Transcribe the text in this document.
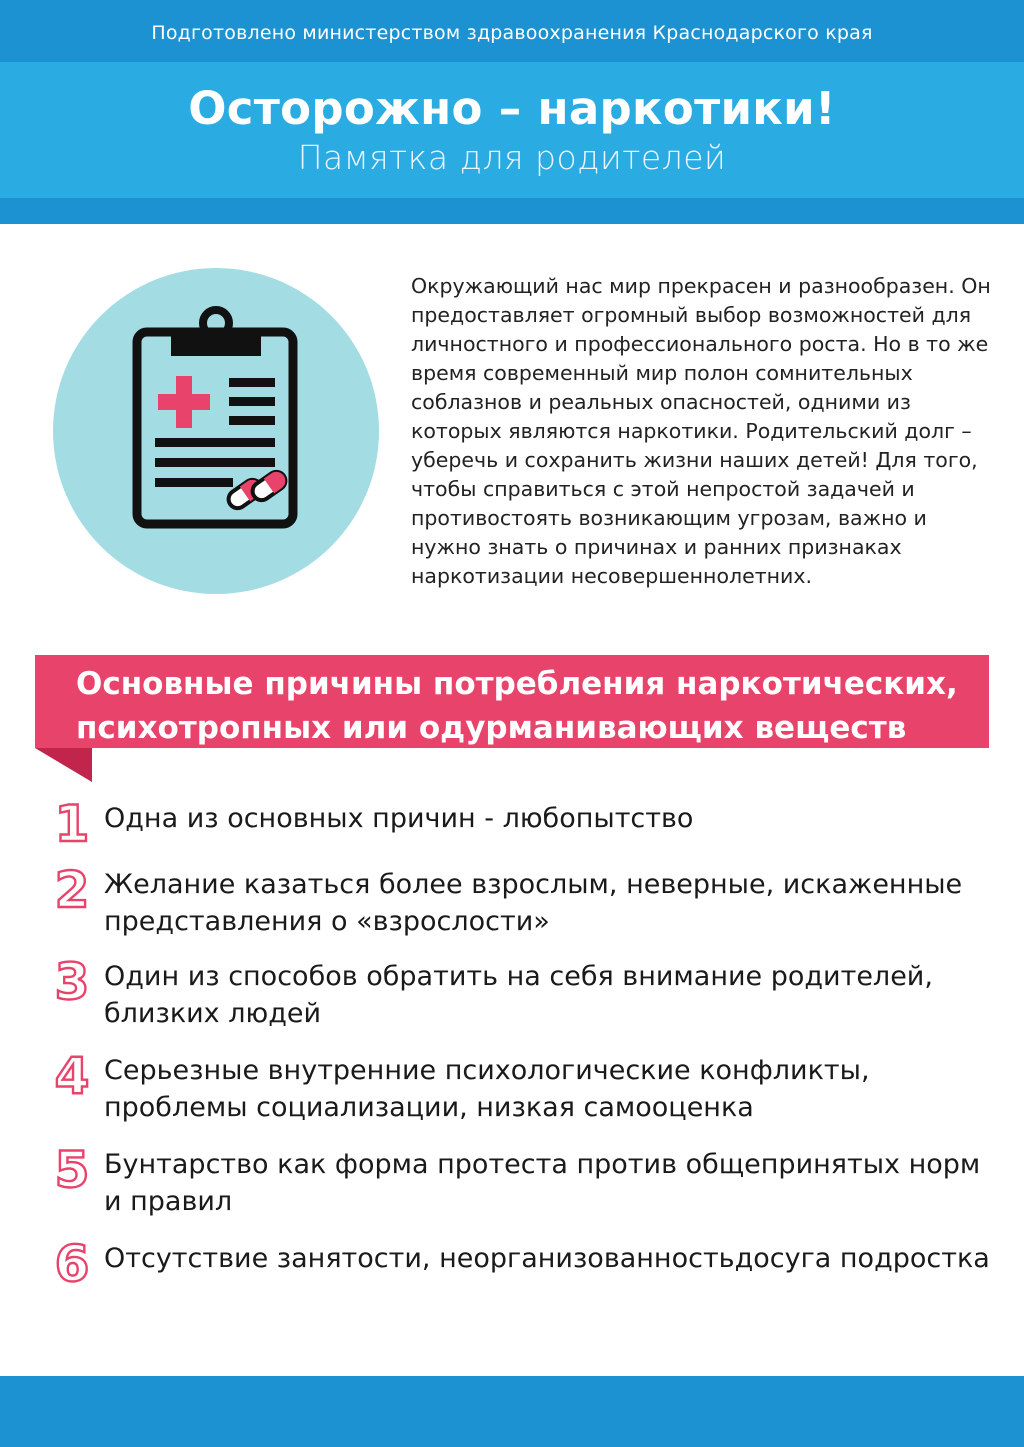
Подготовлено министерством здравоохранения Краснодарского края
Осторожно – наркотики!
Памятка для родителей

Окружающий нас мир прекрасен и разнообразен. Он предоставляет огромный выбор возможностей для личностного и профессионального роста. Но в то же время современный мир полон сомнительных соблазнов и реальных опасностей, одними из которых являются наркотики. Родительский долг – уберечь и сохранить жизни наших детей! Для того, чтобы справиться с этой непростой задачей и противостоять возникающим угрозам, важно и нужно знать о причинах и ранних признаках наркотизации несовершеннолетних.

Основные причины потребления наркотических, психотропных или одурманивающих веществ
1 Одна из основных причин - любопытство
2 Желание казаться более взрослым, неверные, искаженные представления о «взрослости»
3 Один из способов обратить на себя внимание родителей, близких людей
4 Серьезные внутренние психологические конфликты, проблемы социализации, низкая самооценка
5 Бунтарство как форма протеста против общепринятых норм и правил
6 Отсутствие занятости, неорганизованностьдосуга подростка
